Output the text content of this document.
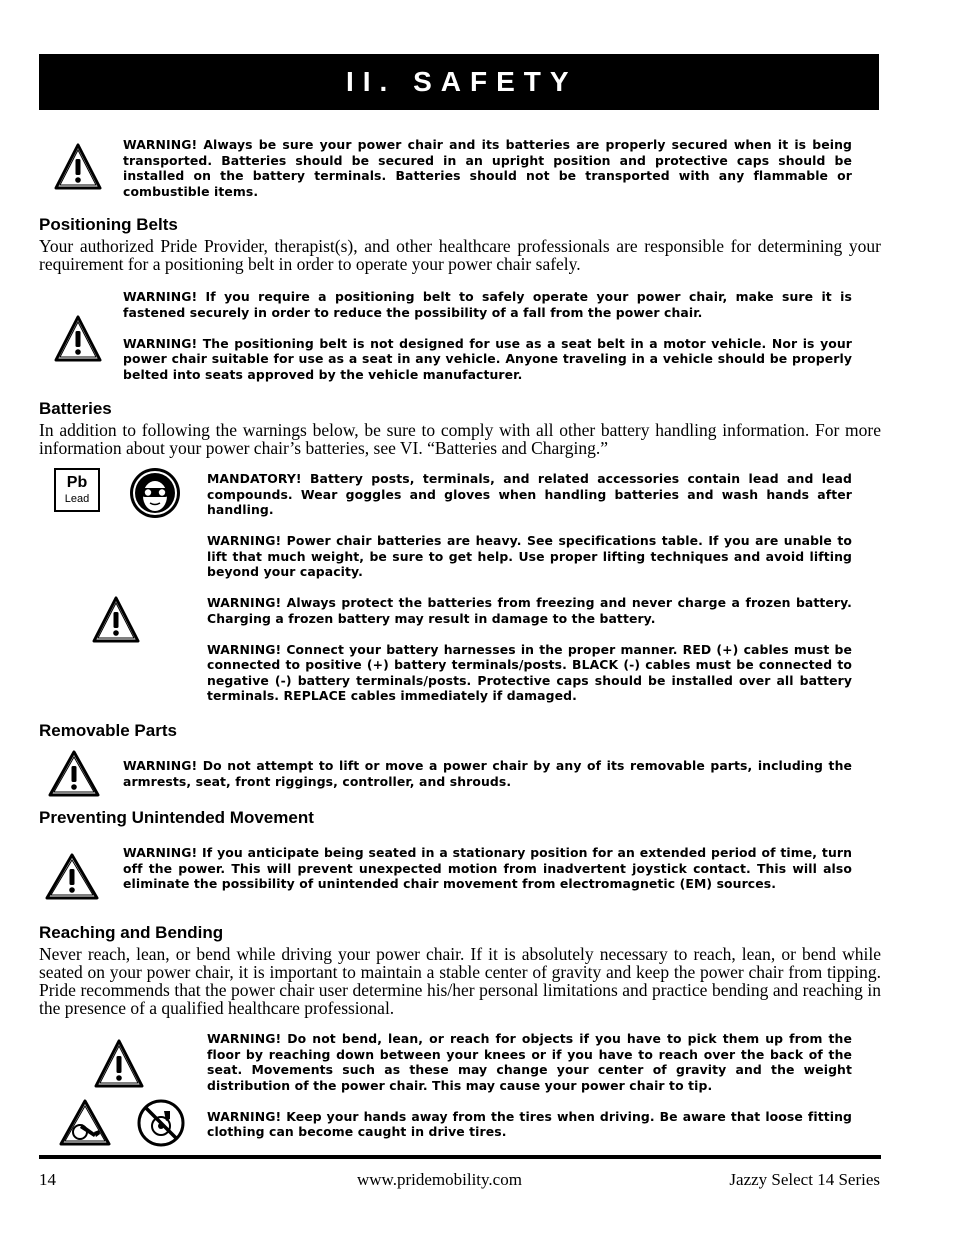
II. SAFETY

WARNING! Always be sure your power chair and its batteries are properly secured when it is being transported. Batteries should be secured in an upright position and protective caps should be installed on the battery terminals. Batteries should not be transported with any flammable or combustible items.

Positioning Belts
Your authorized Pride Provider, therapist(s), and other healthcare professionals are responsible for determining your requirement for a positioning belt in order to operate your power chair safely.

WARNING! If you require a positioning belt to safely operate your power chair, make sure it is fastened securely in order to reduce the possibility of a fall from the power chair.

WARNING! The positioning belt is not designed for use as a seat belt in a motor vehicle. Nor is your power chair suitable for use as a seat in any vehicle. Anyone traveling in a vehicle should be properly belted into seats approved by the vehicle manufacturer.

Batteries
In addition to following the warnings below, be sure to comply with all other battery handling information. For more information about your power chair’s batteries, see VI. “Batteries and Charging.”
Pb
Lead

MANDATORY! Battery posts, terminals, and related accessories contain lead and lead compounds. Wear goggles and gloves when handling batteries and wash hands after handling.

WARNING! Power chair batteries are heavy. See specifications table. If you are unable to lift that much weight, be sure to get help. Use proper lifting techniques and avoid lifting beyond your capacity.

WARNING! Always protect the batteries from freezing and never charge a frozen battery. Charging a frozen battery may result in damage to the battery.

WARNING! Connect your battery harnesses in the proper manner. RED (+) cables must be connected to positive (+) battery terminals/posts. BLACK (-) cables must be connected to negative (-) battery terminals/posts. Protective caps should be installed over all battery terminals. REPLACE cables immediately if damaged.

Removable Parts

WARNING! Do not attempt to lift or move a power chair by any of its removable parts, including the armrests, seat, front riggings, controller, and shrouds.

Preventing Unintended Movement

WARNING! If you anticipate being seated in a stationary position for an extended period of time, turn off the power. This will prevent unexpected motion from inadvertent joystick contact. This will also eliminate the possibility of unintended chair movement from electromagnetic (EM) sources.

Reaching and Bending
Never reach, lean, or bend while driving your power chair. If it is absolutely necessary to reach, lean, or bend while seated on your power chair, it is important to maintain a stable center of gravity and keep the power chair from tipping. Pride recommends that the power chair user determine his/her personal limitations and practice bending and reaching in the presence of a qualified healthcare professional.

WARNING! Do not bend, lean, or reach for objects if you have to pick them up from the floor by reaching down between your knees or if you have to reach over the back of the seat. Movements such as these may change your center of gravity and the weight distribution of the power chair. This may cause your power chair to tip.

WARNING! Keep your hands away from the tires when driving. Be aware that loose fitting clothing can become caught in drive tires.

14	www.pridemobility.com	Jazzy Select 14 Series
